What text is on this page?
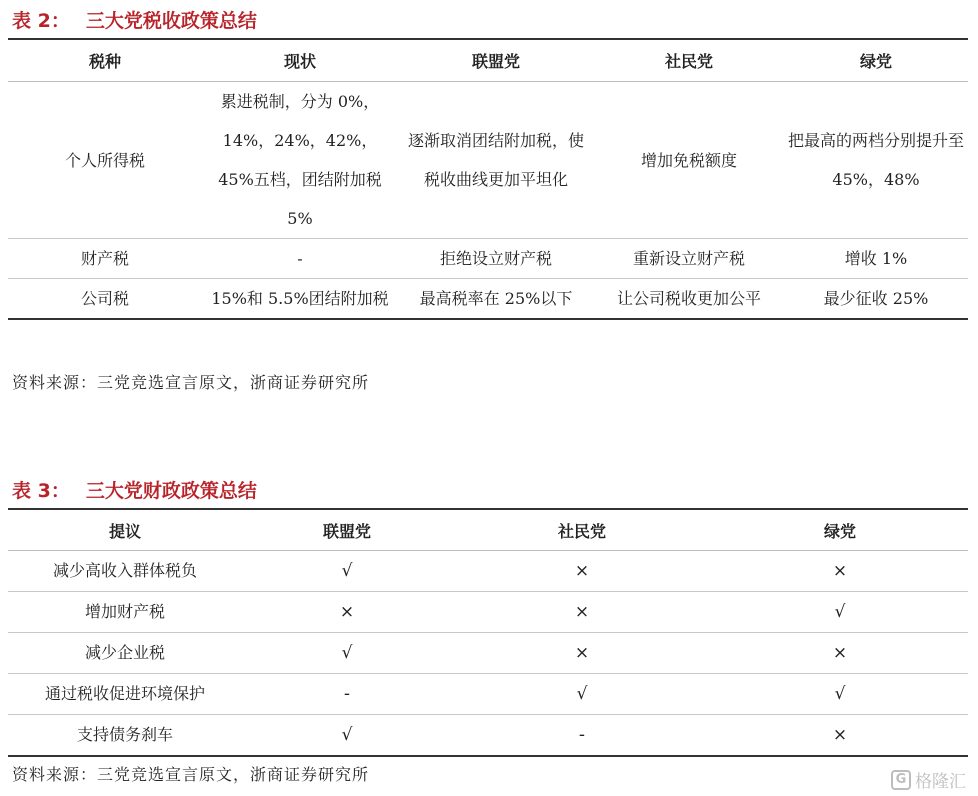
表 2： 三大党税收政策总结
税种	现状	联盟党	社民党	绿党
个人所得税	累进税制，分为 0%，14%，24%，42%，45%五档，团结附加税 5%	逐渐取消团结附加税，使税收曲线更加平坦化	增加免税额度	把最高的两档分别提升至 45%，48%
财产税	-	拒绝设立财产税	重新设立财产税	增收 1%
公司税	15%和 5.5%团结附加税	最高税率在 25%以下	让公司税收更加公平	最少征收 25%

资料来源：三党竞选宣言原文，浙商证券研究所

表 3： 三大党财政政策总结
提议	联盟党	社民党	绿党
减少高收入群体税负	√	×	×
增加财产税	×	×	√
减少企业税	√	×	×
通过税收促进环境保护	-	√	√
支持债务刹车	√	-	×

资料来源：三党竞选宣言原文，浙商证券研究所	G 格隆汇
